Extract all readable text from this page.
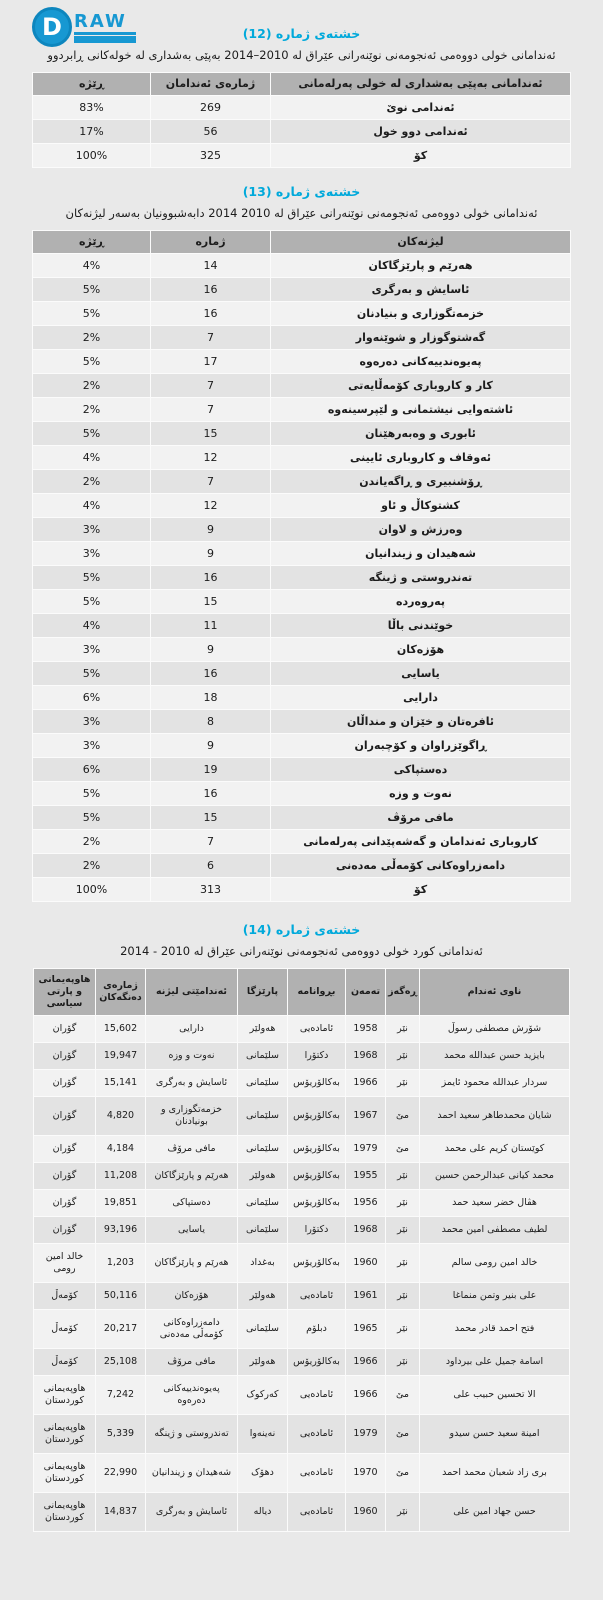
D RAW
خشتەی ژمارە (12)

ئەندامانی خولی دووەمی ئەنجومەنی نوێنەرانی عێراق لە 2010–2014 بەپێی بەشداری لە خولەکانی ڕابردوو

ئەندامانی بەپێی بەشداری لە خولی پەرلەمانی	ژمارەی ئەندامان	ڕێژە
ئەندامی نوێ	269	83%
ئەندامی دوو خول	56	17%
کۆ	325	100%
خشتەی ژمارە (13)

ئەندامانی خولی دووەمی ئەنجومەنی نوێنەرانی عێراق لە 2010 2014 دابەشبوونیان بەسەر لیژنەکان

لیژنەکان	ژمارە	ڕێژە
هەرێم و پارێزگاکان	14	4%
ئاسایش و بەرگری	16	5%
خزمەتگوزاری و بنیادنان	16	5%
گەشتوگوزار و شوێنەوار	7	2%
پەیوەندییەکانی دەرەوە	17	5%
کار و کاروباری کۆمەڵایەتی	7	2%
ئاشتەوایی نیشتمانی و لێپرسینەوە	7	2%
ئابوری و وەبەرهێنان	15	5%
ئەوقاف و کاروباری ئایینی	12	4%
ڕۆشنبیری و ڕاگەیاندن	7	2%
کشتوکاڵ و ئاو	12	4%
وەرزش و لاوان	9	3%
شەهیدان و زیندانیان	9	3%
تەندروستی و ژینگە	16	5%
پەروەردە	15	5%
خوێندنی باڵا	11	4%
هۆزەکان	9	3%
یاسایی	16	5%
دارایی	18	6%
ئافرەتان و خێزان و منداڵان	8	3%
ڕاگوێزراوان و کۆچبەران	9	3%
دەستپاکی	19	6%
نەوت و وزە	16	5%
مافی مرۆڤ	15	5%
کاروباری ئەندامان و گەشەپێدانی پەرلەمانی	7	2%
دامەزراوەکانی کۆمەڵی مەدەنی	6	2%
کۆ	313	100%
خشتەی ژمارە (14)

ئەندامانی کورد خولی دووەمی ئەنجومەنی نوێنەرانی عێراق لە 2010 - 2014

ناوی ئەندام	ڕەگەز	تەمەن	بڕوانامە	پارێزگا	ئەندامێتی لیژنە	ژمارەی دەنگەکان	هاوپەیمانی و پارتی سیاسی
شۆرش مصطفی رسوڵ	نێر	1958	ئامادەیی	هەولێر	دارایی	15,602	گۆران
بایزید حسن عبدالله محمد	نێر	1968	دکتۆرا	سلێمانی	نەوت و وزە	19,947	گۆران
سردار عبدالله محمود ئایمز	نێر	1966	بەکالۆریۆس	سلێمانی	ئاسایش و بەرگری	15,141	گۆران
شایان محمدطاهر سعید احمد	مێ	1967	بەکالۆریۆس	سلێمانی	خزمەتگوزاری و بونیادنان	4,820	گۆران
کوێستان کریم علی محمد	مێ	1979	بەکالۆریۆس	سلێمانی	مافی مرۆڤ	4,184	گۆران
محمد کیانی عبدالرحمن حسین	نێر	1955	بەکالۆریۆس	هەولێر	هەرێم و پارێزگاکان	11,208	گۆران
هڤال خضر سعید حمد	نێر	1956	بەکالۆریۆس	سلێمانی	دەستپاکی	19,851	گۆران
لطیف مصطفی امین محمد	نێر	1968	دکتۆرا	سلێمانی	یاسایی	93,196	گۆران
خالد امین رومی سالم	نێر	1960	بەکالۆریۆس	بەغداد	هەرێم و پارێزگاکان	1,203	خالد امین رومی
علی بنیر وتمن منماغا	نێر	1961	ئامادەیی	هەولێر	هۆزەکان	50,116	کۆمەڵ
فتح احمد قادر محمد	نێر	1965	دبلۆم	سلێمانی	دامەزراوەکانی کۆمەڵی مەدەنی	20,217	کۆمەڵ
اسامة جمیل علی بیرداود	نێر	1966	بەکالۆریۆس	هەولێر	مافی مرۆڤ	25,108	کۆمەڵ
الا تحسین حبیب علی	مێ	1966	ئامادەیی	کەرکوک	پەیوەندییەکانی دەرەوە	7,242	هاوپەیمانی کوردستان
امینة سعید حسن سیدو	مێ	1979	ئامادەیی	نەینەوا	تەندروستی و ژینگە	5,339	هاوپەیمانی کوردستان
بری زاد شعبان محمد احمد	مێ	1970	ئامادەیی	دهۆک	شەهیدان و زیندانیان	22,990	هاوپەیمانی کوردستان
حسن جهاد امین علی	نێر	1960	ئامادەیی	دیالە	ئاسایش و بەرگری	14,837	هاوپەیمانی کوردستان
